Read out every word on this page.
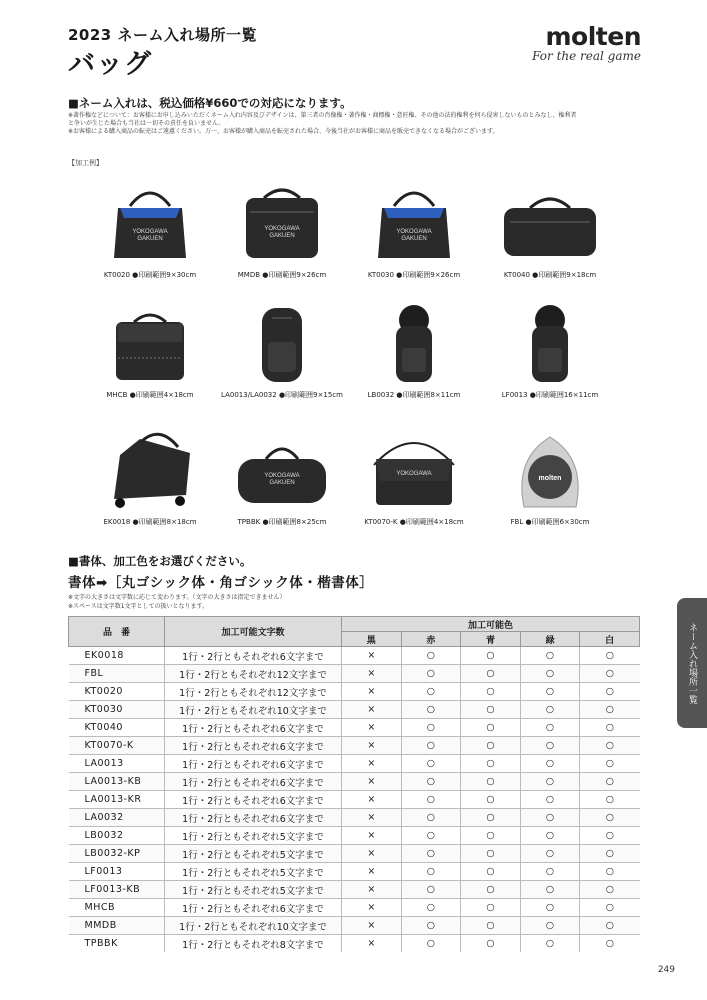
2023 ネーム入れ場所一覧
バッグ
molten
For the real game
■ネーム入れは、税込価格¥660での対応になります。
※著作権などについて：お客様にお申し込みいただくネーム入れ内容及びデザインは、第三者の肖像権・著作権・商標権・意匠権、その他の法的権利を何ら侵害しないものとみなし、権利者
と争いが生じた場合も当社は一切その責任を負いません。
※お客様による購入商品の転売はご遠慮ください。万一、お客様が購入商品を転売された場合、今後当社がお客様に商品を販売できなくなる場合がございます。
【加工例】
YOKOGAWA
GAKUEN
KT0020 ●印刷範囲9×30cm
YOKOGAWA
GAKUEN
MMDB ●印刷範囲9×26cm
YOKOGAWA
GAKUEN
KT0030 ●印刷範囲9×26cm	KT0040 ●印刷範囲9×18cm
MHCB ●印刷範囲4×18cm	LA0013/LA0032 ●印刷範囲9×15cm	LB0032 ●印刷範囲8×11cm	LF0013 ●印刷範囲16×11cm
EK0018 ●印刷範囲8×18cm
YOKOGAWA
GAKUEN
TPBBK ●印刷範囲8×25cm
YOKOGAWA
KT0070-K ●印刷範囲4×18cm
molten
FBL ●印刷範囲6×30cm
■書体、加工色をお選びください。
書体➡［丸ゴシック体・角ゴシック体・楷書体］
※文字の大きさは文字数に応じて変わります。（文字の大きさは指定できません）
※スペースは文字数1文字としての扱いとなります。
品　番	加工可能文字数	加工可能色				
		黒	赤	青	緑	白
EK0018	1行・2行ともそれぞれ6文字まで	×	○	○	○	○
FBL	1行・2行ともそれぞれ12文字まで	×	○	○	○	○
KT0020	1行・2行ともそれぞれ12文字まで	×	○	○	○	○
KT0030	1行・2行ともそれぞれ10文字まで	×	○	○	○	○
KT0040	1行・2行ともそれぞれ6文字まで	×	○	○	○	○
KT0070-K	1行・2行ともそれぞれ6文字まで	×	○	○	○	○
LA0013	1行・2行ともそれぞれ6文字まで	×	○	○	○	○
LA0013-KB	1行・2行ともそれぞれ6文字まで	×	○	○	○	○
LA0013-KR	1行・2行ともそれぞれ6文字まで	×	○	○	○	○
LA0032	1行・2行ともそれぞれ6文字まで	×	○	○	○	○
LB0032	1行・2行ともそれぞれ5文字まで	×	○	○	○	○
LB0032-KP	1行・2行ともそれぞれ5文字まで	×	○	○	○	○
LF0013	1行・2行ともそれぞれ5文字まで	×	○	○	○	○
LF0013-KB	1行・2行ともそれぞれ5文字まで	×	○	○	○	○
MHCB	1行・2行ともそれぞれ6文字まで	×	○	○	○	○
MMDB	1行・2行ともそれぞれ10文字まで	×	○	○	○	○
TPBBK	1行・2行ともそれぞれ8文字まで	×	○	○	○	○
ネーム入れ場所一覧
249
